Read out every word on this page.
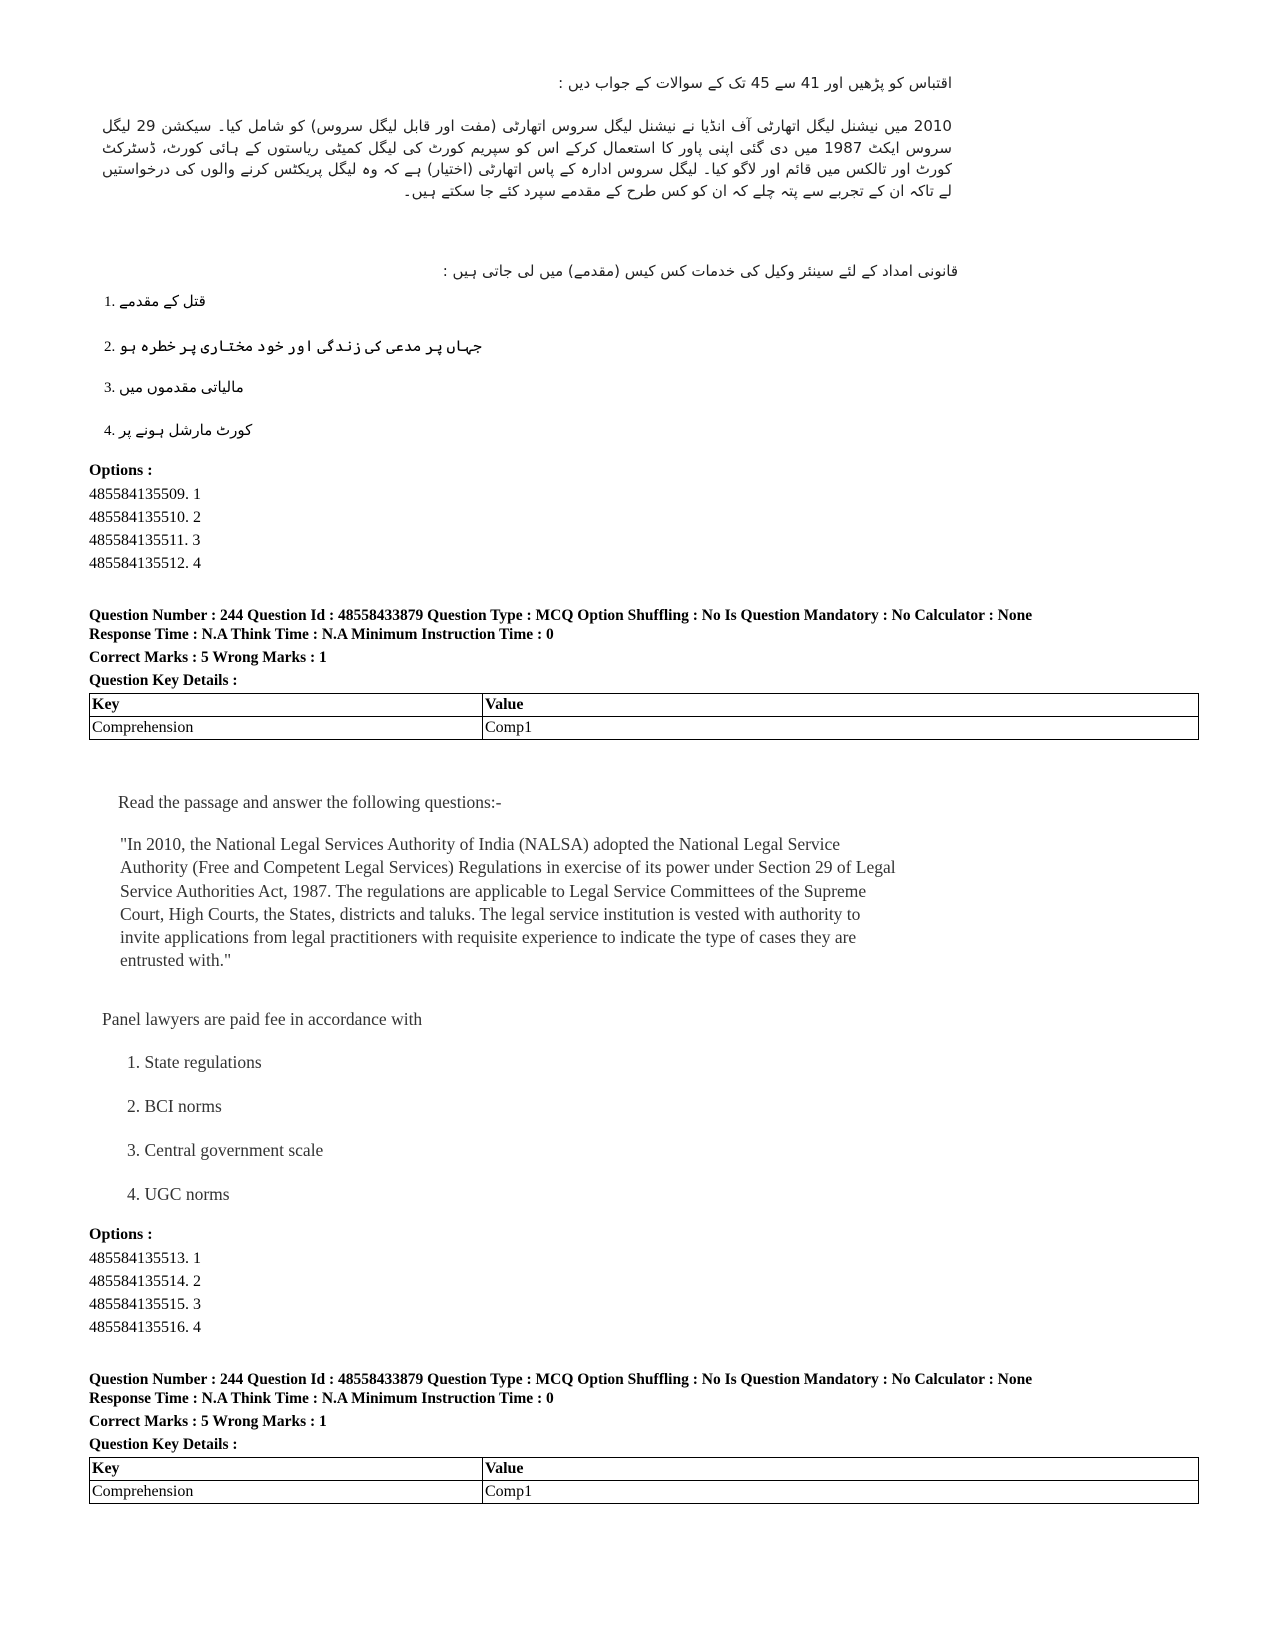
اقتباس کو پڑھیں اور 41 سے 45 تک کے سوالات کے جواب دیں :
2010 میں نیشنل لیگل اتھارٹی آف انڈیا نے نیشنل لیگل سروس اتھارٹی (مفت اور قابل لیگل سروس) کو شامل کیا۔ سیکشن 29 لیگل سروس ایکٹ 1987 میں دی گئی اپنی پاور کا استعمال کرکے اس کو سپریم کورٹ کی لیگل کمیٹی ریاستوں کے ہائی کورٹ، ڈسٹرکٹ کورٹ اور تالکس میں قائم اور لاگو کیا۔ لیگل سروس ادارہ کے پاس اتھارٹی (اختیار) ہے کہ وہ لیگل پریکٹس کرنے والوں کی درخواستیں لے تاکہ ان کے تجربے سے پتہ چلے کہ ان کو کس طرح کے مقدمے سپرد کئے جا سکتے ہیں۔
قانونی امداد کے لئے سینئر وکیل کی خدمات کس کیس (مقدمے) میں لی جاتی ہیں :
قتل کے مقدمے .1
جہاں پر مدعی کی زندگی اور خود مختاری پر خطرہ ہو .2
مالیاتی مقدموں میں .3
کورٹ مارشل ہونے پر .4
Options :
485584135509. 1
485584135510. 2
485584135511. 3
485584135512. 4
Question Number : 244 Question Id : 48558433879 Question Type : MCQ Option Shuffling : No Is Question Mandatory : No Calculator : None
Response Time : N.A Think Time : N.A Minimum Instruction Time : 0
Correct Marks : 5 Wrong Marks : 1
Question Key Details :
Key	Value
Comprehension	Comp1
Read the passage and answer the following questions:-
"In 2010, the National Legal Services Authority of India (NALSA) adopted the National Legal Service
Authority (Free and Competent Legal Services) Regulations in exercise of its power under Section 29 of Legal
Service Authorities Act, 1987. The regulations are applicable to Legal Service Committees of the Supreme
Court, High Courts, the States, districts and taluks. The legal service institution is vested with authority to
invite applications from legal practitioners with requisite experience to indicate the type of cases they are
entrusted with."
Panel lawyers are paid fee in accordance with
1. State regulations
2. BCI norms
3. Central government scale
4. UGC norms
Options :
485584135513. 1
485584135514. 2
485584135515. 3
485584135516. 4
Question Number : 244 Question Id : 48558433879 Question Type : MCQ Option Shuffling : No Is Question Mandatory : No Calculator : None
Response Time : N.A Think Time : N.A Minimum Instruction Time : 0
Correct Marks : 5 Wrong Marks : 1
Question Key Details :
Key	Value
Comprehension	Comp1
